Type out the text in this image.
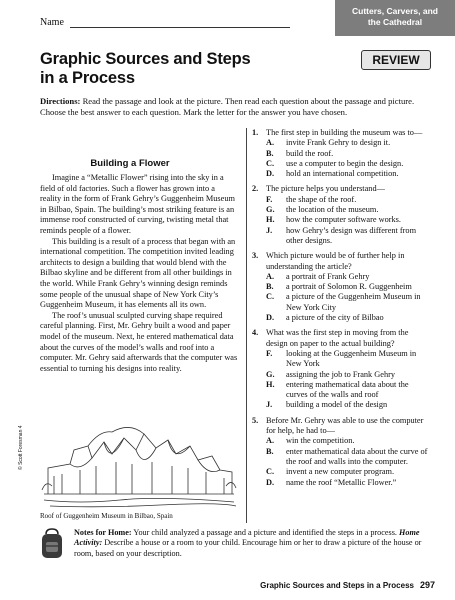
Name
Cutters, Carvers, and
the Cathedral
Graphic Sources and Steps
in a Process
REVIEW
Directions: Read the passage and look at the picture. Then read each question about the passage and picture. Choose the best answer to each question. Mark the letter for the answer you have chosen.
Building a Flower

Imagine a “Metallic Flower” rising into the sky in a field of old factories. Such a flower has grown into a reality in the form of Frank Gehry’s Guggenheim Museum in Bilbao, Spain. The building’s most striking feature is an immense roof constructed of curving, twisting metal that reminds people of a flower.

This building is a result of a process that began with an international competition. The competition invited leading architects to design a building that would blend with the Bilbao skyline and be different from all other buildings in the world. While Frank Gehry’s winning design reminds some people of the unusual shape of New York City’s Guggenheim Museum, it has elements all its own.

The roof’s unusual sculpted curving shape required careful planning. First, Mr. Gehry built a wood and paper model of the museum. Next, he entered mathematical data about the curves of the model’s walls and roof into a computer. Mr. Gehry said afterwards that the computer was essential to turning his designs into reality.

Roof of Guggenheim Museum in Bilbao, Spain
© Scott Foresman 4
1. The first step in building the museum was to—
A. invite Frank Gehry to design it.
B. build the roof.
C. use a computer to begin the design.
D. hold an international competition.
2. The picture helps you understand—
F. the shape of the roof.
G. the location of the museum.
H. how the computer software works.
J. how Gehry’s design was different from other designs.
3. Which picture would be of further help in understanding the article?
A. a portrait of Frank Gehry
B. a portrait of Solomon R. Guggenheim
C. a picture of the Guggenheim Museum in New York City
D. a picture of the city of Bilbao
4. What was the first step in moving from the design on paper to the actual building?
F. looking at the Guggenheim Museum in New York
G. assigning the job to Frank Gehry
H. entering mathematical data about the curves of the walls and roof
J. building a model of the design
5. Before Mr. Gehry was able to use the computer for help, he had to—
A. win the competition.
B. enter mathematical data about the curve of the roof and walls into the computer.
C. invent a new computer program.
D. name the roof “Metallic Flower.”
Notes for Home: Your child analyzed a passage and a picture and identified the steps in a process. Home Activity: Describe a house or a room to your child. Encourage him or her to draw a picture of the house or room, based on your description.
Graphic Sources and Steps in a Process 297
